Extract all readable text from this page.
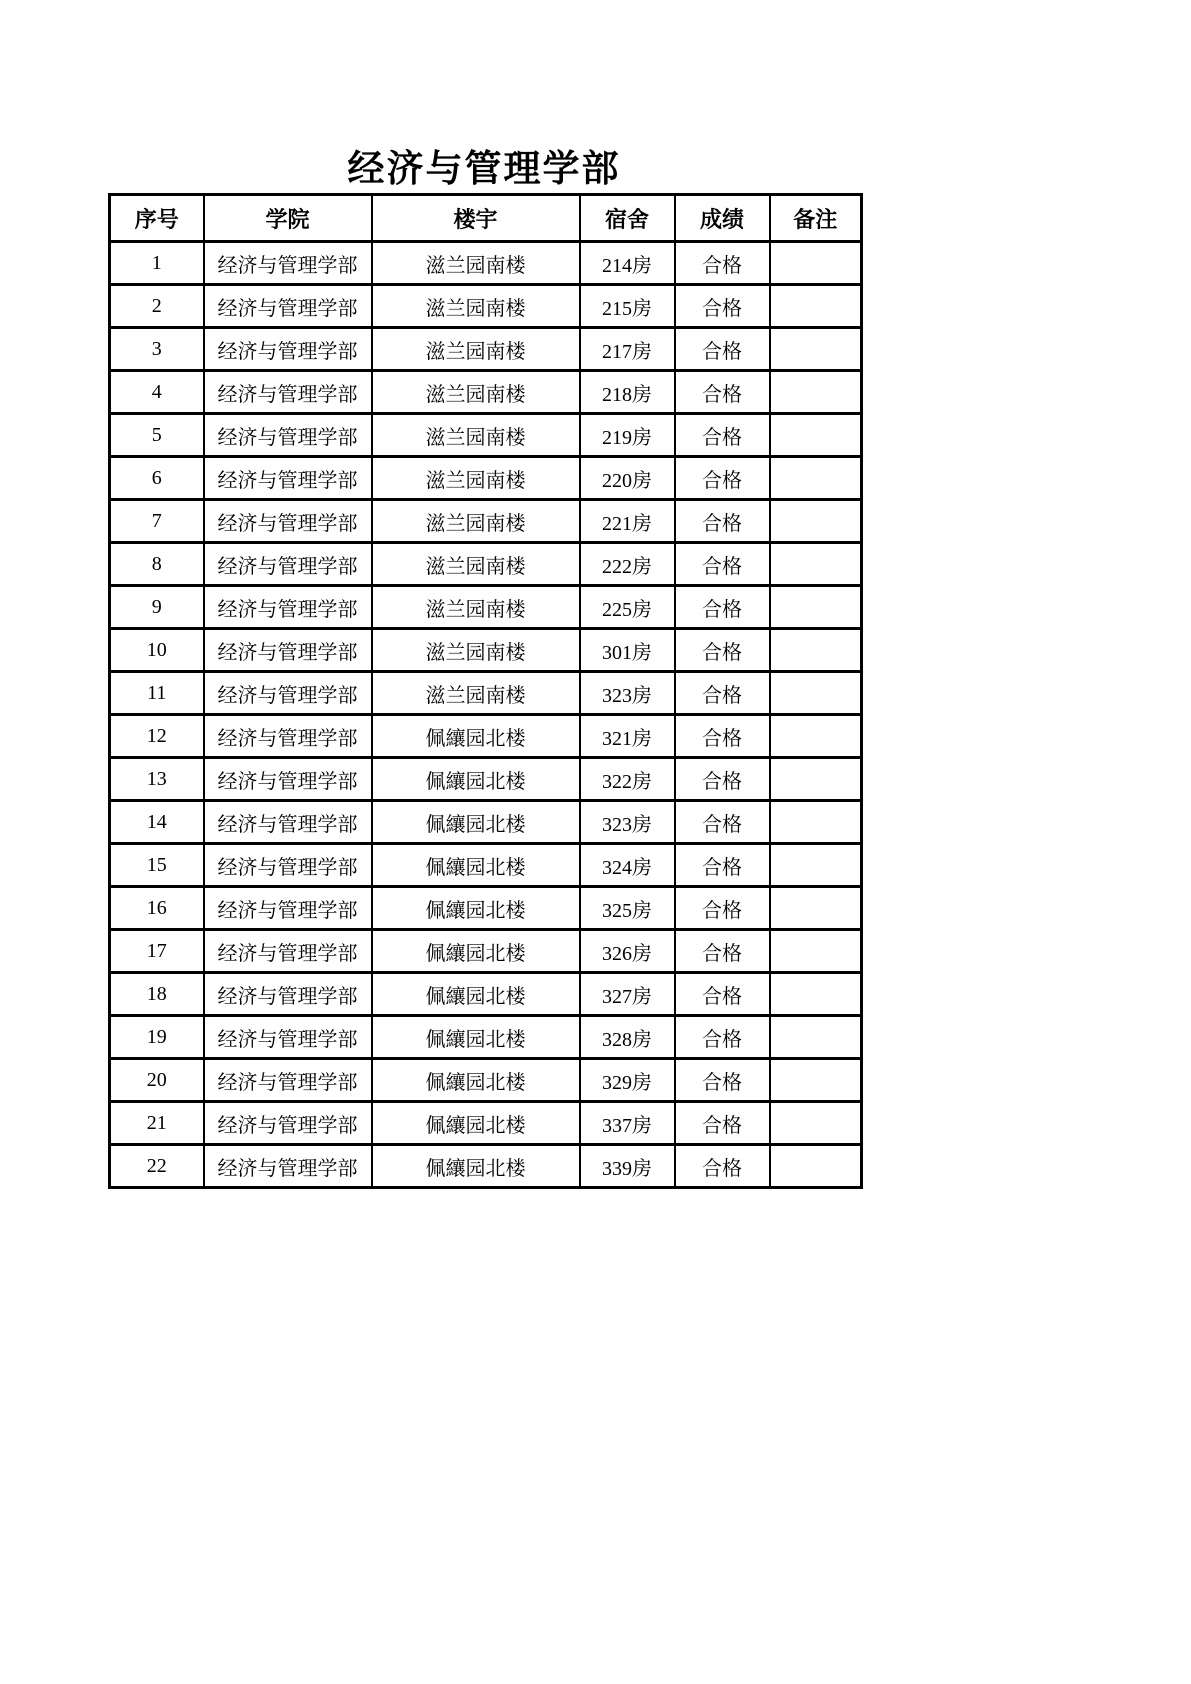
经济与管理学部
序号	学院	楼宇	宿舍	成绩	备注
1	经济与管理学部	滋兰园南楼	214房	合格	
2	经济与管理学部	滋兰园南楼	215房	合格	
3	经济与管理学部	滋兰园南楼	217房	合格	
4	经济与管理学部	滋兰园南楼	218房	合格	
5	经济与管理学部	滋兰园南楼	219房	合格	
6	经济与管理学部	滋兰园南楼	220房	合格	
7	经济与管理学部	滋兰园南楼	221房	合格	
8	经济与管理学部	滋兰园南楼	222房	合格	
9	经济与管理学部	滋兰园南楼	225房	合格	
10	经济与管理学部	滋兰园南楼	301房	合格	
11	经济与管理学部	滋兰园南楼	323房	合格	
12	经济与管理学部	佩纕园北楼	321房	合格	
13	经济与管理学部	佩纕园北楼	322房	合格	
14	经济与管理学部	佩纕园北楼	323房	合格	
15	经济与管理学部	佩纕园北楼	324房	合格	
16	经济与管理学部	佩纕园北楼	325房	合格	
17	经济与管理学部	佩纕园北楼	326房	合格	
18	经济与管理学部	佩纕园北楼	327房	合格	
19	经济与管理学部	佩纕园北楼	328房	合格	
20	经济与管理学部	佩纕园北楼	329房	合格	
21	经济与管理学部	佩纕园北楼	337房	合格	
22	经济与管理学部	佩纕园北楼	339房	合格	
